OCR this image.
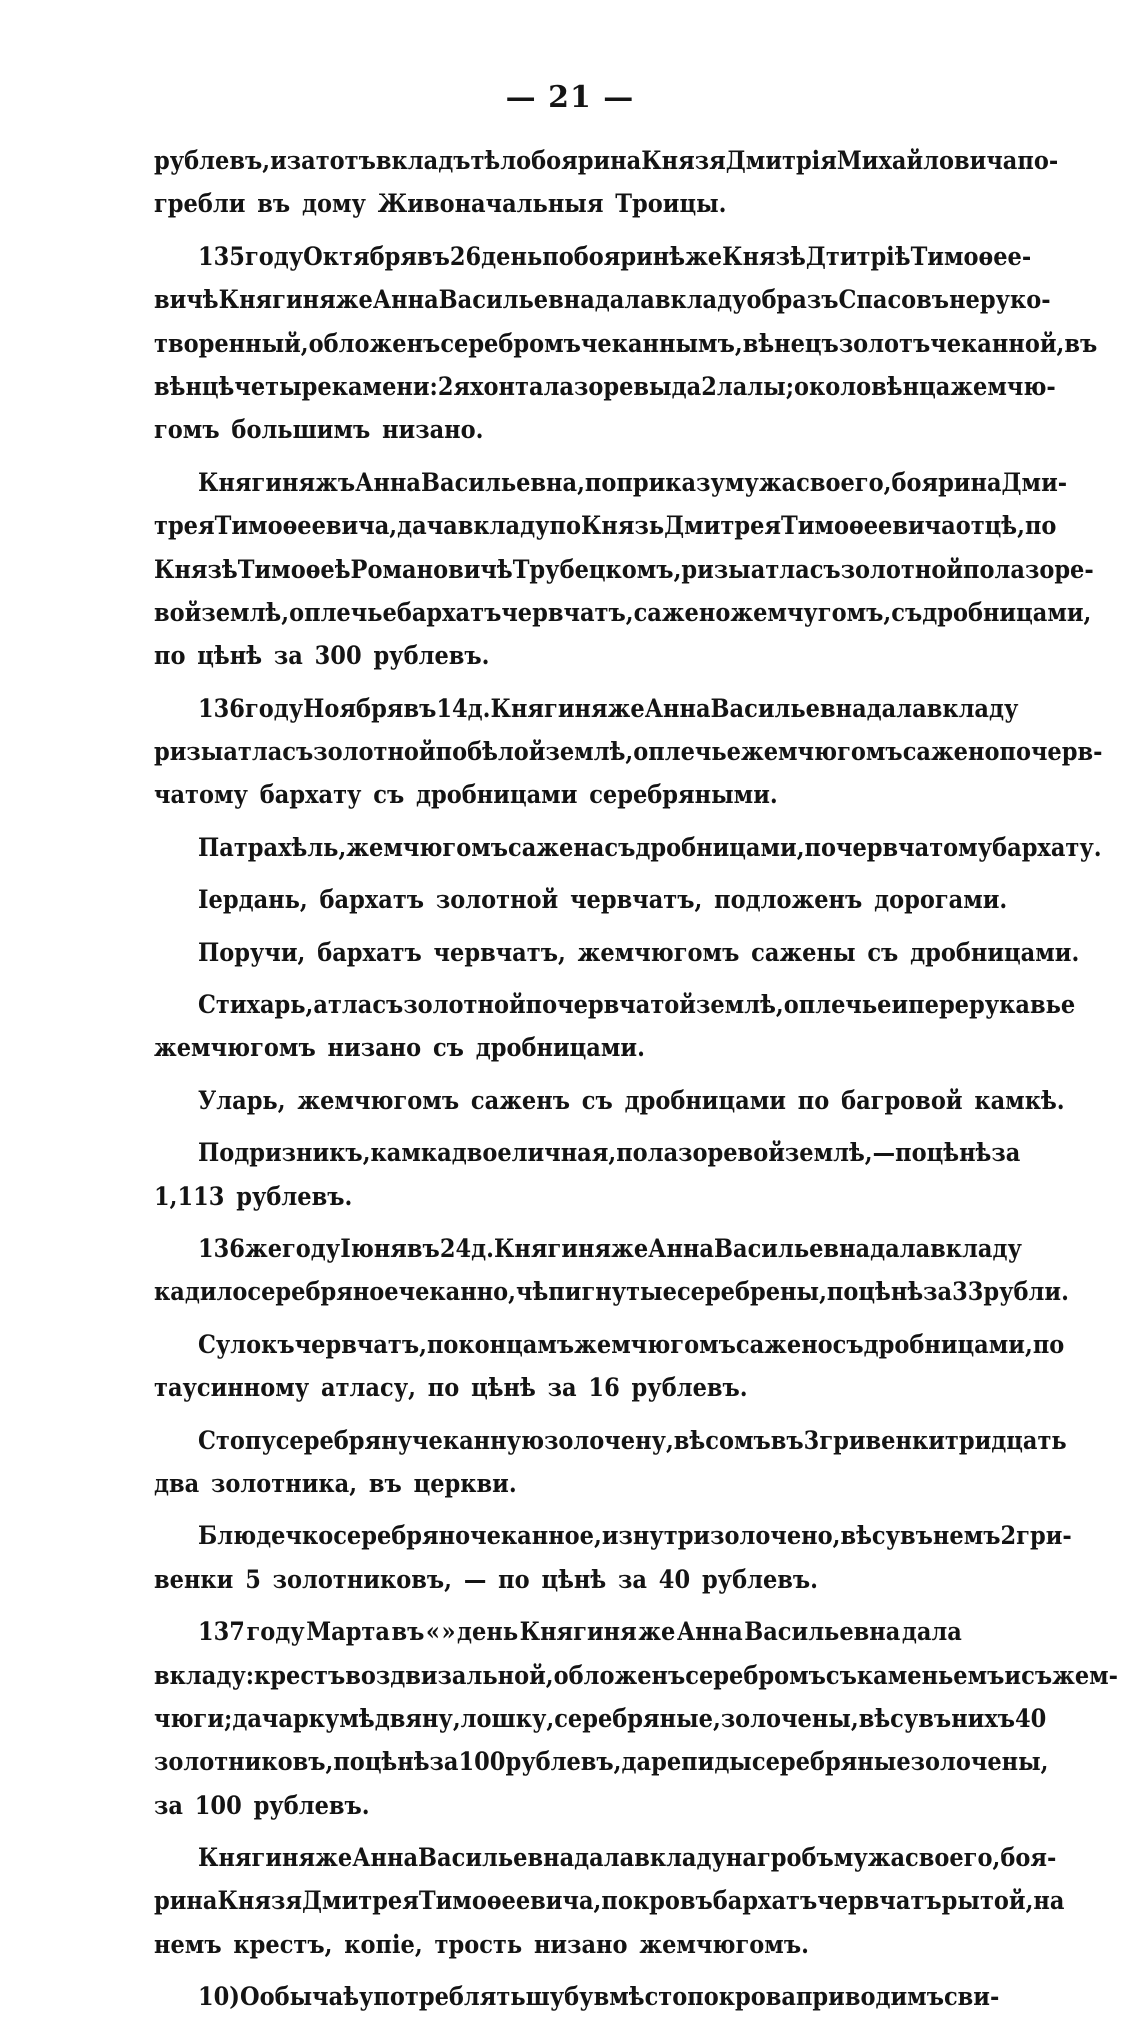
— 21 —
рублевъ, и за тотъ вкладъ тѣло боярина Князя Дмитрія Михайловича по-
гребли въ дому Живоначальныя Троицы.
135 году Октября въ 26 день по бояринѣ же Князѣ Дтитріѣ Тимоѳее-
вичѣ Княгиня же Анна Васильевна дала вкладу образъ Спасовъ неруко-
творенный, обложенъ серебромъ чеканнымъ, вѣнецъ золотъ чеканной, въ
вѣнцѣ четыре камени: 2 яхонта лазоревы да 2 лалы; около вѣнца жемчю-
гомъ большимъ низано.
Княгиня жъ Анна Васильевна, по приказу мужа своего, боярина Дми-
трея Тимоѳеевича, дача вкладу по Князь Дмитрея Тимоѳеевича отцѣ, по
Князѣ Тимоѳеѣ Романовичѣ Трубецкомъ, ризы атласъ золотной по лазоре-
вой землѣ, оплечье бархатъ червчатъ, сажено жемчугомъ, съ дробницами,
по цѣнѣ за 300 рублевъ.
136 году Ноября въ 14 д. Княгиня же Анна Васильевна дала вкладу
ризы атласъ золотной по бѣлой землѣ, оплечье жемчюгомъ сажено по черв-
чатому бархату съ дробницами серебряными.
Патрахѣль, жемчюгомъ сажена съ дробницами, по червчатому бархату.
Іердань, бархатъ золотной червчатъ, подложенъ дорогами.
Поручи, бархатъ червчатъ, жемчюгомъ сажены съ дробницами.
Стихарь, атласъ золотной по червчатой землѣ, оплечье и перерукавье
жемчюгомъ низано съ дробницами.
Уларь, жемчюгомъ саженъ съ дробницами по багровой камкѣ.
Подризникъ, камка двоеличная, по лазоревой землѣ, — по цѣнѣ за
1,113 рублевъ.
136 же году Іюня въ 24 д. Княгиня же Анна Васильевна дала вкладу
кадило серебряное чеканно, чѣпи гнутые серебрены, по цѣнѣ за 33 рубли.
Сулокъ червчатъ, по концамъ жемчюгомъ сажено съ дробницами, по
таусинному атласу, по цѣнѣ за 16 рублевъ.
Стопу серебряну чеканную золочену, вѣсомъ въ 3 гривенки тридцать
два золотника, въ церкви.
Блюдечко серебряно чеканное, изнутри золочено, вѣсу въ немъ 2 гри-
венки 5 золотниковъ, — по цѣнѣ за 40 рублевъ.
137 году Марта въ « » день Княгиня же Анна Васильевна дала
вкладу: крестъ воздвизальной, обложенъ серебромъ съ каменьемъ и съ жем-
чюги; да чарку мѣдвяну, лошку, серебряные, золочены, вѣсу въ нихъ 40
золотниковъ, по цѣнѣ за 100 рублевъ, да репиды серебряные золочены,
за 100 рублевъ.
Княгиня же Анна Васильевна дала вкладу на гробъ мужа своего, боя-
рина Князя Дмитрея Тимоѳеевича, покровъ бархатъ червчатъ рытой, на
немъ крестъ, копіе, трость низано жемчюгомъ.
10) О обычаѣ употреблять шубу вмѣсто покрова приводимъ сви-
